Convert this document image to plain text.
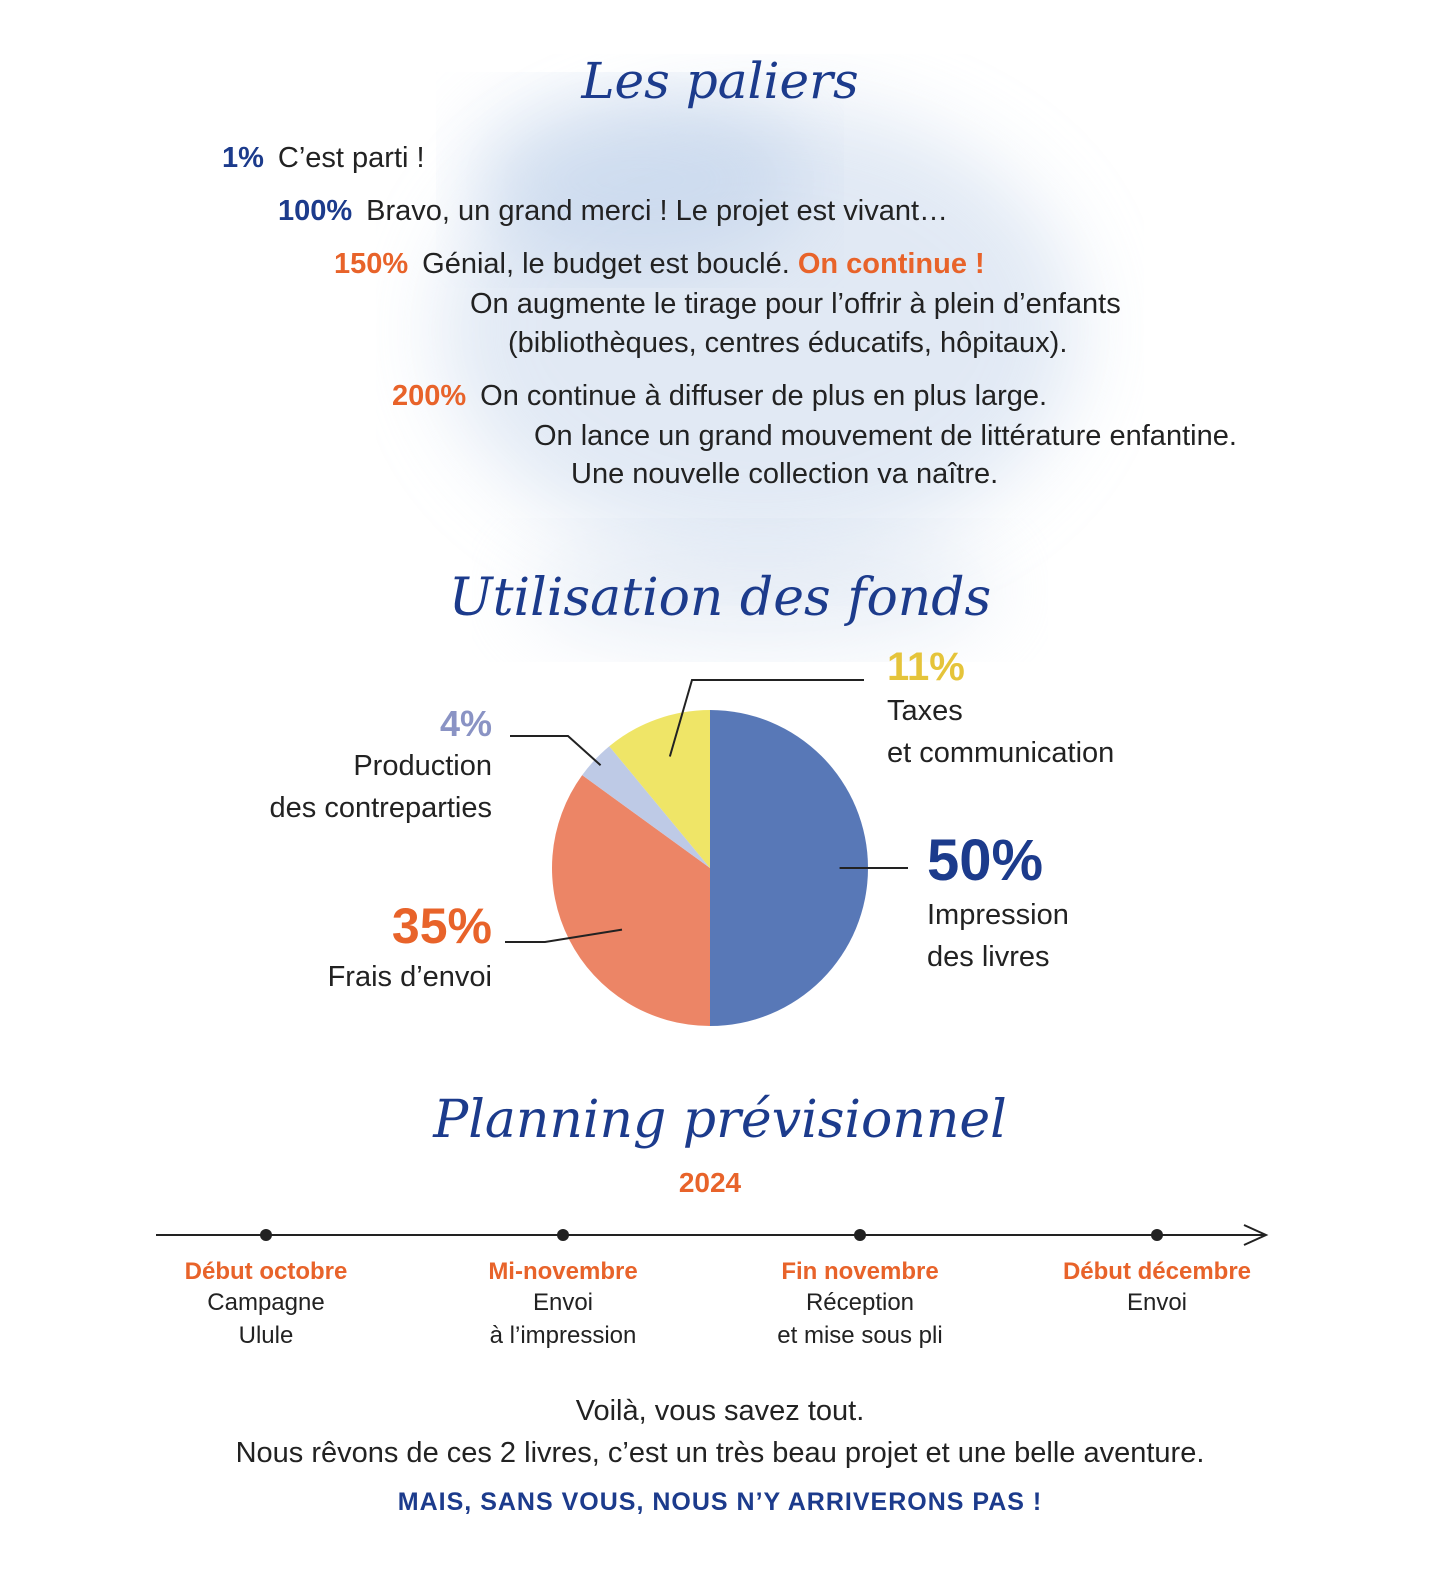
Les paliers
1% C’est parti !
100% Bravo, un grand merci ! Le projet est vivant…
150% Génial, le budget est bouclé. On continue !
On augmente le tirage pour l’offrir à plein d’enfants
(bibliothèques, centres éducatifs, hôpitaux).
200% On continue à diffuser de plus en plus large.
On lance un grand mouvement de littérature enfantine.
Une nouvelle collection va naître.
Utilisation des fonds
11%
Taxes
et communication
4%
Production
des contreparties
50%
Impression
des livres
35%
Frais d’envoi
Planning prévisionnel
2024
Début octobre
Campagne
Ulule
Mi-novembre
Envoi
à l’impression
Fin novembre
Réception
et mise sous pli
Début décembre
Envoi
Voilà, vous savez tout.
Nous rêvons de ces 2 livres, c’est un très beau projet et une belle aventure.
MAIS, SANS VOUS, NOUS N’Y ARRIVERONS PAS !
